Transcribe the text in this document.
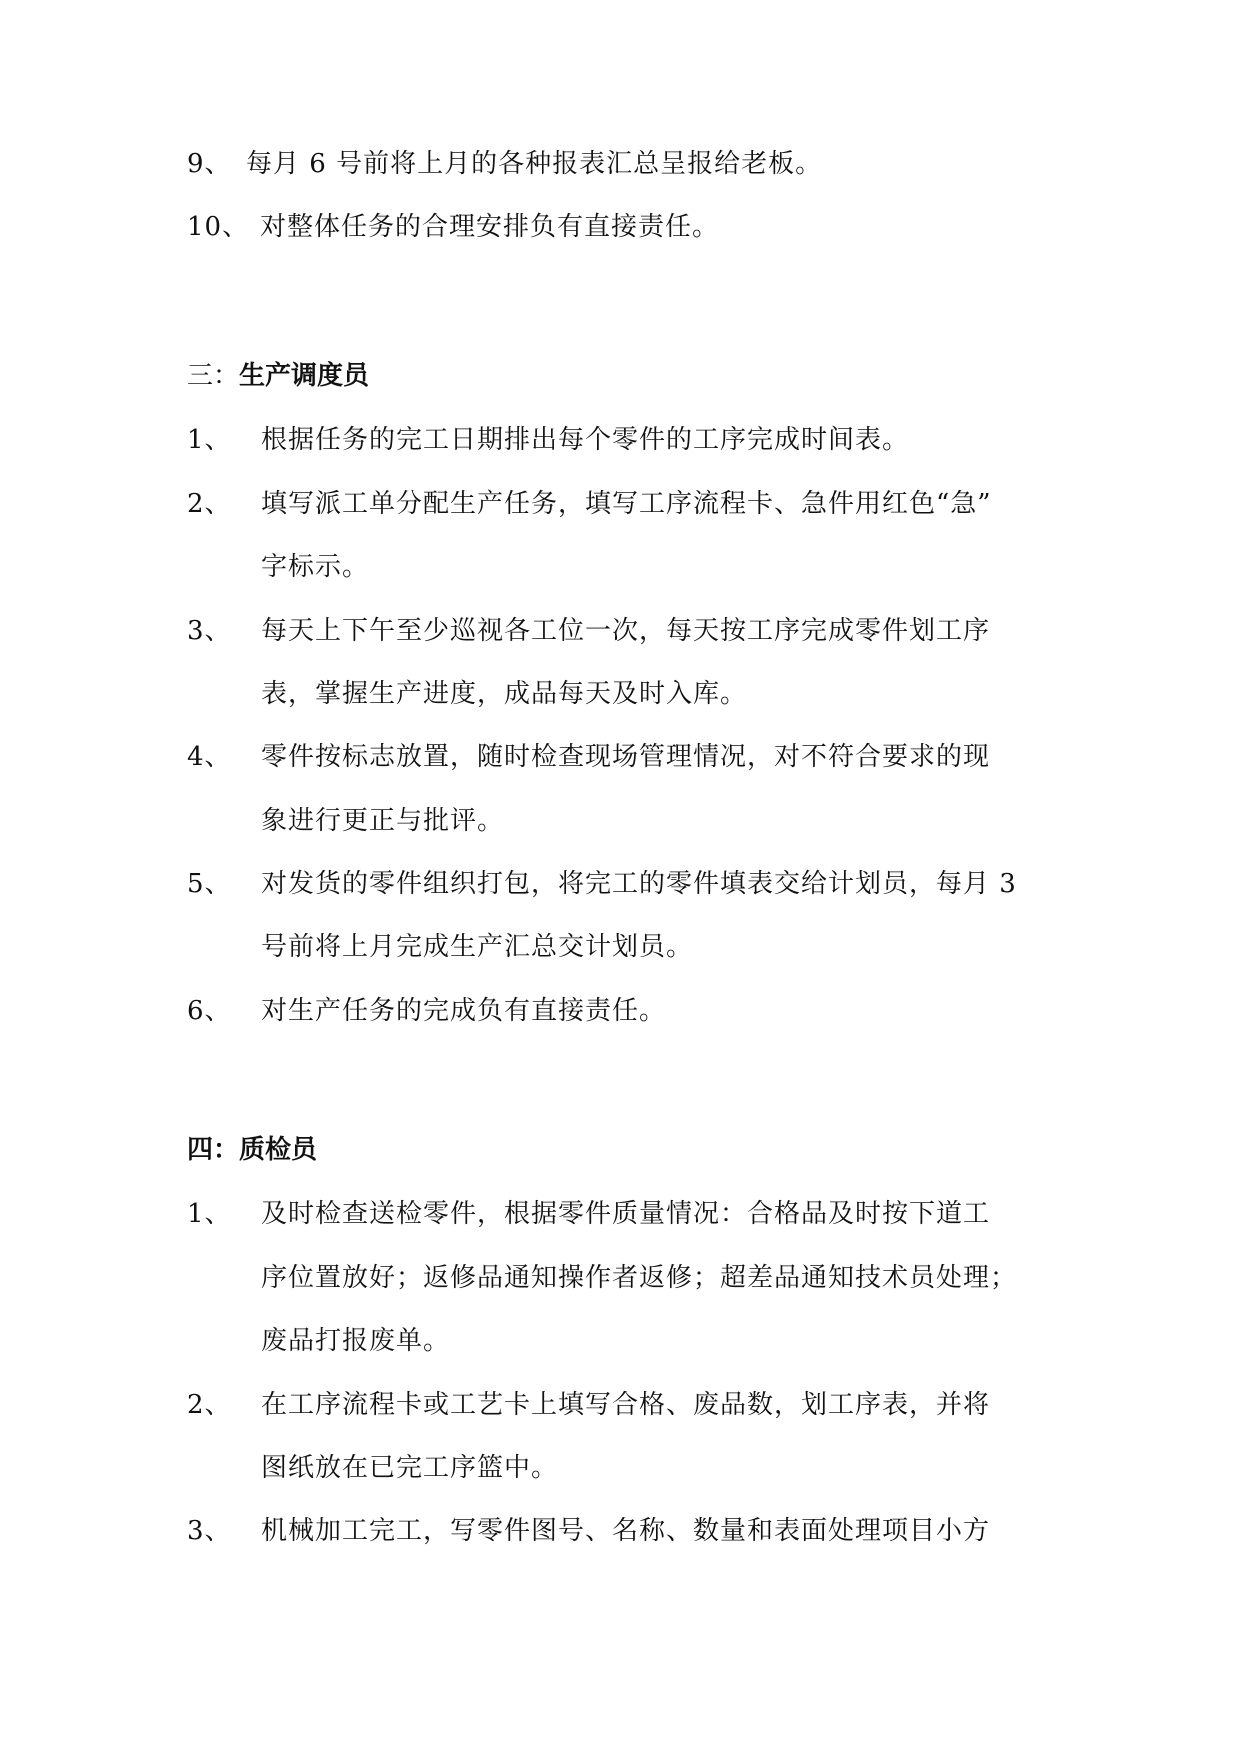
9、 每月 6 号前将上月的各种报表汇总呈报给老板。
10、 对整体任务的合理安排负有直接责任。
三：生产调度员
1、 根据任务的完工日期排出每个零件的工序完成时间表。
2、 填写派工单分配生产任务，填写工序流程卡、急件用红色“急”
字标示。
3、 每天上下午至少巡视各工位一次，每天按工序完成零件划工序
表，掌握生产进度，成品每天及时入库。
4、 零件按标志放置，随时检查现场管理情况，对不符合要求的现
象进行更正与批评。
5、 对发货的零件组织打包，将完工的零件填表交给计划员，每月 3
号前将上月完成生产汇总交计划员。
6、 对生产任务的完成负有直接责任。
四：质检员
1、 及时检查送检零件，根据零件质量情况：合格品及时按下道工
序位置放好；返修品通知操作者返修；超差品通知技术员处理；
废品打报废单。
2、 在工序流程卡或工艺卡上填写合格、废品数，划工序表，并将
图纸放在已完工序篮中。
3、 机械加工完工，写零件图号、名称、数量和表面处理项目小方
